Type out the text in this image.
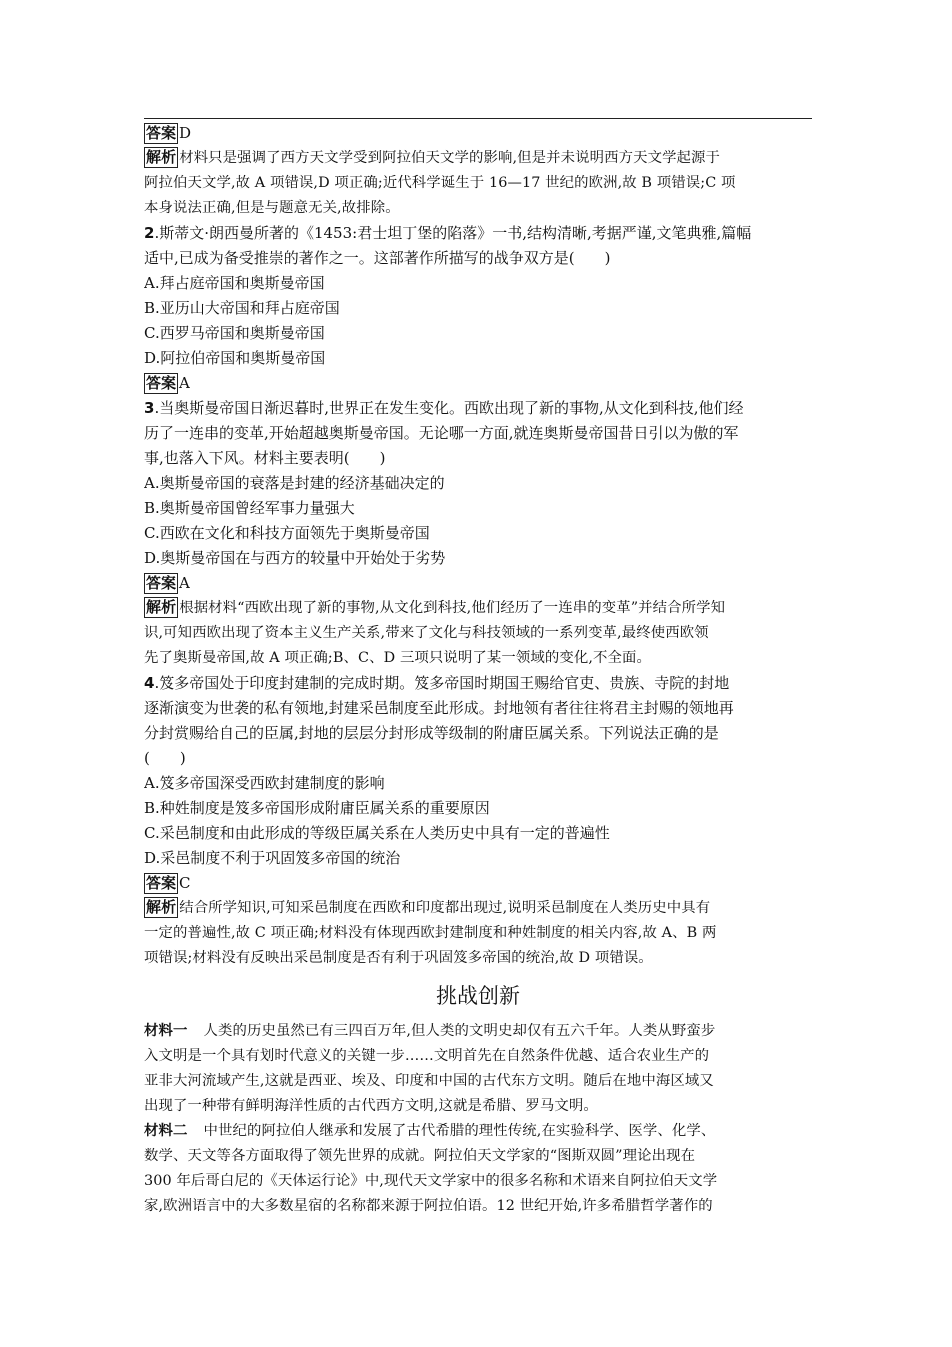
答案 D
解析 材料只是强调了西方天文学受到阿拉伯天文学的影响,但是并未说明西方天文学起源于
阿拉伯天文学,故 A 项错误,D 项正确;近代科学诞生于 16—17 世纪的欧洲,故 B 项错误;C 项
本身说法正确,但是与题意无关,故排除。
2.斯蒂文·朗西曼所著的《1453:君士坦丁堡的陷落》一书,结构清晰,考据严谨,文笔典雅,篇幅
适中,已成为备受推崇的著作之一。这部著作所描写的战争双方是(　　)
A.拜占庭帝国和奥斯曼帝国
B.亚历山大帝国和拜占庭帝国
C.西罗马帝国和奥斯曼帝国
D.阿拉伯帝国和奥斯曼帝国
答案 A
3.当奥斯曼帝国日渐迟暮时,世界正在发生变化。西欧出现了新的事物,从文化到科技,他们经
历了一连串的变革,开始超越奥斯曼帝国。无论哪一方面,就连奥斯曼帝国昔日引以为傲的军
事,也落入下风。材料主要表明(　　)
A.奥斯曼帝国的衰落是封建的经济基础决定的
B.奥斯曼帝国曾经军事力量强大
C.西欧在文化和科技方面领先于奥斯曼帝国
D.奥斯曼帝国在与西方的较量中开始处于劣势
答案 A
解析 根据材料“西欧出现了新的事物,从文化到科技,他们经历了一连串的变革”并结合所学知
识,可知西欧出现了资本主义生产关系,带来了文化与科技领域的一系列变革,最终使西欧领
先了奥斯曼帝国,故 A 项正确;B、C、D 三项只说明了某一领域的变化,不全面。
4.笈多帝国处于印度封建制的完成时期。笈多帝国时期国王赐给官吏、贵族、寺院的封地
逐渐演变为世袭的私有领地,封建采邑制度至此形成。封地领有者往往将君主封赐的领地再
分封赏赐给自己的臣属,封地的层层分封形成等级制的附庸臣属关系。下列说法正确的是
(　　)
A.笈多帝国深受西欧封建制度的影响
B.种姓制度是笈多帝国形成附庸臣属关系的重要原因
C.采邑制度和由此形成的等级臣属关系在人类历史中具有一定的普遍性
D.采邑制度不利于巩固笈多帝国的统治
答案 C
解析 结合所学知识,可知采邑制度在西欧和印度都出现过,说明采邑制度在人类历史中具有
一定的普遍性,故 C 项正确;材料没有体现西欧封建制度和种姓制度的相关内容,故 A、B 两
项错误;材料没有反映出采邑制度是否有利于巩固笈多帝国的统治,故 D 项错误。
挑战创新
材料一 人类的历史虽然已有三四百万年,但人类的文明史却仅有五六千年。人类从野蛮步
入文明是一个具有划时代意义的关键一步……文明首先在自然条件优越、适合农业生产的
亚非大河流域产生,这就是西亚、埃及、印度和中国的古代东方文明。随后在地中海区域又
出现了一种带有鲜明海洋性质的古代西方文明,这就是希腊、罗马文明。
材料二 中世纪的阿拉伯人继承和发展了古代希腊的理性传统,在实验科学、医学、化学、
数学、天文等各方面取得了领先世界的成就。阿拉伯天文学家的“图斯双圆”理论出现在
300 年后哥白尼的《天体运行论》中,现代天文学家中的很多名称和术语来自阿拉伯天文学
家,欧洲语言中的大多数星宿的名称都来源于阿拉伯语。12 世纪开始,许多希腊哲学著作的
